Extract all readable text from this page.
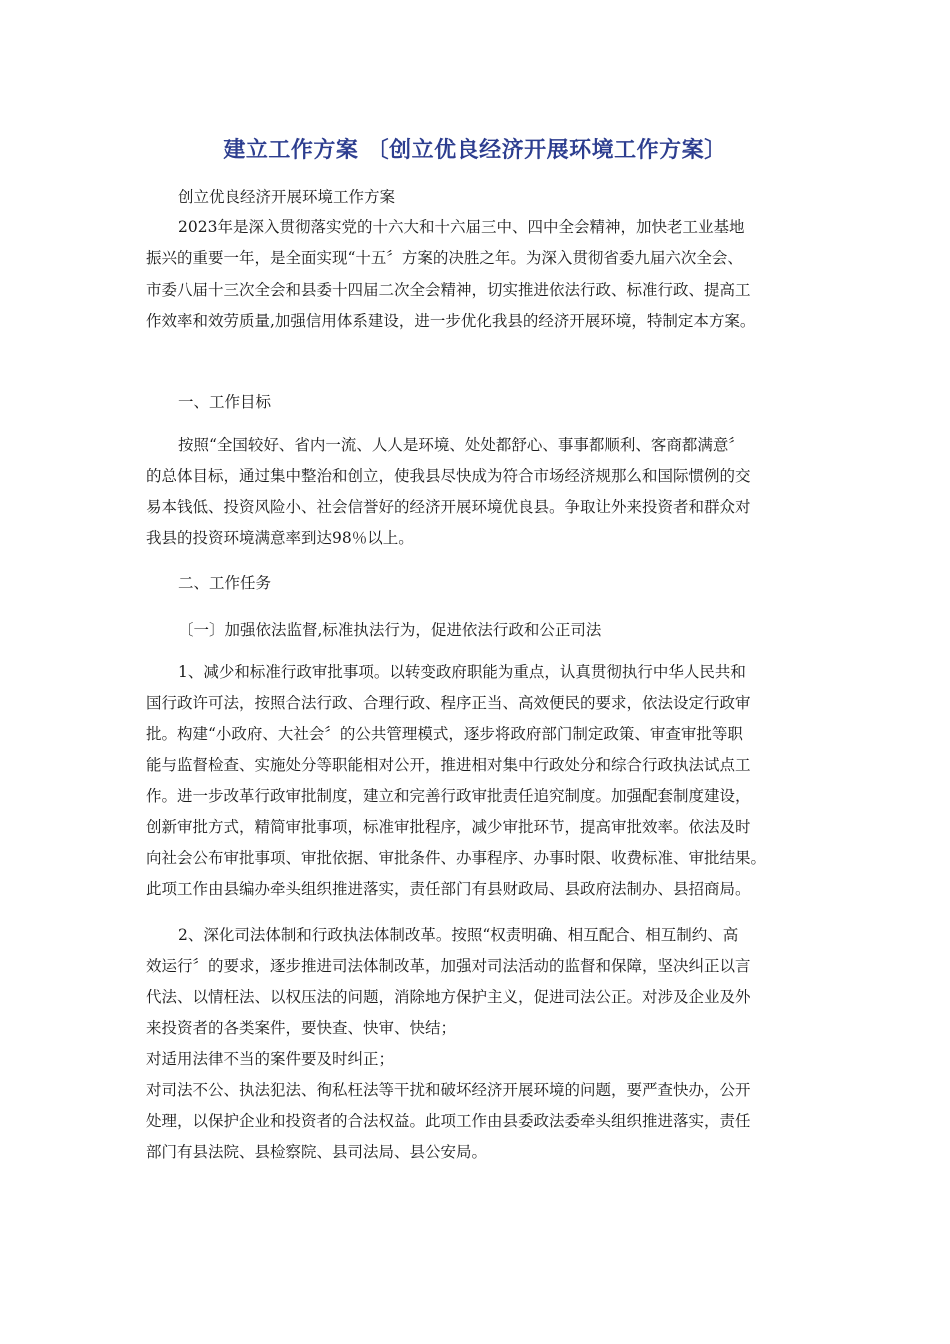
建立工作方案 〔创立优良经济开展环境工作方案〕
创立优良经济开展环境工作方案
2023年是深入贯彻落实党的十六大和十六届三中、四中全会精神，加快老工业基地
振兴的重要一年，是全面实现“十五〞方案的决胜之年。为深入贯彻省委九届六次全会、
市委八届十三次全会和县委十四届二次全会精神，切实推进依法行政、标准行政、提高工
作效率和效劳质量,加强信用体系建设，进一步优化我县的经济开展环境，特制定本方案。
一、工作目标
按照“全国较好、省内一流、人人是环境、处处都舒心、事事都顺利、客商都满意〞
的总体目标，通过集中整治和创立，使我县尽快成为符合市场经济规那么和国际惯例的交
易本钱低、投资风险小、社会信誉好的经济开展环境优良县。争取让外来投资者和群众对
我县的投资环境满意率到达98％以上。
二、工作任务
〔一〕加强依法监督,标准执法行为，促进依法行政和公正司法
1、减少和标准行政审批事项。以转变政府职能为重点，认真贯彻执行中华人民共和
国行政许可法，按照合法行政、合理行政、程序正当、高效便民的要求，依法设定行政审
批。构建“小政府、大社会〞的公共管理模式，逐步将政府部门制定政策、审查审批等职
能与监督检查、实施处分等职能相对公开，推进相对集中行政处分和综合行政执法试点工
作。进一步改革行政审批制度，建立和完善行政审批责任追究制度。加强配套制度建设，
创新审批方式，精简审批事项，标准审批程序，减少审批环节，提高审批效率。依法及时
向社会公布审批事项、审批依据、审批条件、办事程序、办事时限、收费标准、审批结果。
此项工作由县编办牵头组织推进落实，责任部门有县财政局、县政府法制办、县招商局。
2、深化司法体制和行政执法体制改革。按照“权责明确、相互配合、相互制约、高
效运行〞的要求，逐步推进司法体制改革，加强对司法活动的监督和保障，坚决纠正以言
代法、以情枉法、以权压法的问题，消除地方保护主义，促进司法公正。对涉及企业及外
来投资者的各类案件，要快查、快审、快结；
对适用法律不当的案件要及时纠正；
对司法不公、执法犯法、徇私枉法等干扰和破坏经济开展环境的问题，要严查快办，公开
处理，以保护企业和投资者的合法权益。此项工作由县委政法委牵头组织推进落实，责任
部门有县法院、县检察院、县司法局、县公安局。
